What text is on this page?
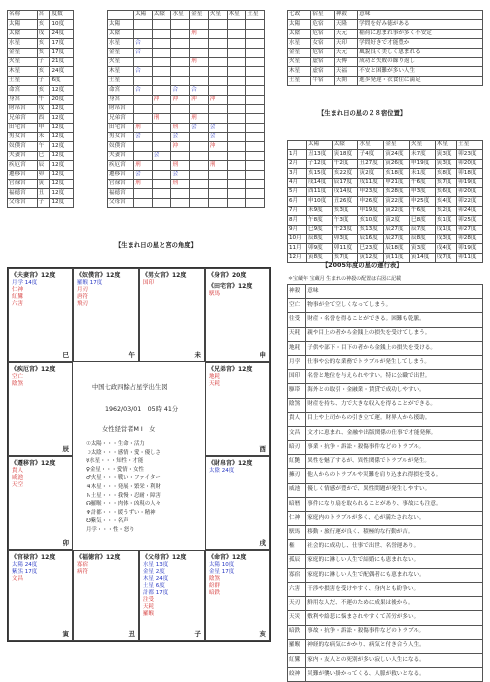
名称	宮	度数
太陽	亥	10度
太陰	戌	24度
水星	亥	17度
金星	亥	17度
火星	子	21度
木星	亥	24度
土星	子	6度
命宮	亥	12度
身宮	午	20度
財帛宮	戌	12度
兄弟宮	酉	12度
田宅宮	申	12度
男女宮	未	12度
奴僕宮	午	12度
夫妻宮	巳	12度
疾厄宮	辰	12度
遷移宮	卯	12度
官禄宮	寅	12度
福徳宮	丑	12度
父母宮	子	12度
	太陽	太陰	水星	金星	火星	木星	土星
太陽							
太陰				刑			
水星	合						
金星	合						
火星				刑			
木星	合						
土星							
命宮	合		合	合			
身宮		沖	沖	沖	沖		
財帛宮							
兄弟宮		刑		刑			
田宅宮	刑		刑	会	会		
男女宮	会		会		会		
奴僕宮			沖		沖		
夫妻宮		会					
疾厄宮	刑		刑		刑		
遷移宮	会		会				
官禄宮	刑		刑				
福徳宮							
父母宮							
【生まれ日の星と宮の角度】
七政	宿星	神殺	意味
太陽	危宿	天隆	学問を好み徳がある
太陰	危宿	天元	稲荷に恵まれ事が多く不安定
水星	女宿	天印	学問好きで才能豊か
金星	危宿	天元	風貌良く美しく恵まれる
火星	虚宿	天傳	成功と失敗の繰り返し
木星	虚宿	天福	不安と困難が多い人生
土星	牛宿	天開	進歩発達・衣食住に満足
【生まれ日の星の２８宿位置】
	太陽	太陰	水星	金星	火星	木星	土星
1月	丑13度	寅18度	子4度	寅24度	未7度	寅3度	卯23度
2月	子12度	午2度	丑27度	寅26度	申19度	寅3度	卯20度
3月	亥15度	亥22度	寅2度	亥18度	未1度	亥8度	卯18度
4月	戌14度	辰17度	戌11度	申21度	午6度	亥7度	卯19度
5月	酉11度	戌14度	申23度	亥28度	申3度	亥6度	卯20度
6月	申10度	丑26度	申26度	寅22度	申25度	亥4度	卯22度
7月	未9度	亥3度	申19度	寅22度	午6度	亥2度	卯24度
8月	午8度	午3度	亥10度	寅2度	巳8度	亥1度	卯25度
9月	巳9度	午23度	亥13度	辰27度	辰7度	戌1度	卯27度
10月	辰8度	卯3度	辰16度	辰27度	辰8度	戌3度	卯28度
11月	卯9度	卯11度	巳23度	辰18度	寅3度	戌4度	卯19度
12月	寅8度	亥7度	寅12度	寅11度	寅14度	戌7度	卯11度
【2005年度の星の運行表】
＊宝蔵年 宝蔵月 生まれの神殺の配置は右図に記載
神殺	意味
空亡	物事が全て空しくなってしまう。
往受	財産・名誉を得ることができる。困難も乾脈。
天耗	親や目上の者から金銭上の損失を受けてしまう。
地耗	子供や部下・目下の者から金銭上の損失を受ける。
月孛	仕事や公的な業務でトラブルが発生してしまう。
国印	名誉と地位を与えられやすい。特に公職で出世。
駆帯	海外との取引・金融業・賃貸で成功しやすい。
陰煞	財産を持ち、力で大きな収入を得ることができる。
貴人	目上や上司からの引き立て運。財界人から援助。
文昌	文才に恵まれ、金融や出版関係の仕事で才能発揮。
暗刃	事業・抗争・訴訟・殺傷事件などのトラブル。
紅艶	異性を魅了するが、異性関係でトラブルが発生。
擁刃	他人からのトラブルや災難を肩り込まれ得損を受る。
威池	優しく情感が豊かで、異性問題が発生しやすい。
暗暦	事件になり扇を取られることがあり、事故にも注意。
仁神	家庭内のトラブルが多く、心が満たされない。
駅馬	移動・旅行運が良く、積極的な行動が吉。
権	社会的に成功し、仕事で出世、名誉運あり。
孤辰	家庭的に淋しい人生で結婚にも恵まれない。
寡宿	家庭的に淋しい人生で配偶者にも恵まれない。
六害	干渉や損害を受けやすく、身内とも紛争い。
天刃	鮮用な人だ、不運のために成果は後から。
天災	敷利や絡悲に悩まされやすくて苦労が多い。
暗鉄	事故・抗争・訴訟・殺傷事件などのトラブル。
羅睺	神経的な病気にかかり、病気と付き合う人生。
紅鸞	家内・友人との死別が多い寂しい人生になる。
絞神	災難が襲い掛かってくる、人脈が救いとなる。
《夫妻宮》12度
月学 14度
仁神
紅鸞
六害
巳
《奴僕宮》12度
羅睺 17度
月刃
唐符
飛刃
午
《男女宮》12度
国印
未
《身宮》20度
《田宅宮》12度
駅馬
申
《疾厄宮》12度
空亡
陰煞
辰
《兄弟宮》12度
地耗
天耗
酉
《遷移宮》12度
貴人
咸池
天空
卯
《財帛宮》12度
太陰 24度
戌
《官禄宮》12度
太陽 24度
紫炁 17度
文昌
寅
《福徳宮》12度
寡宿
病符
丑
《父母宮》12度
水星 13度
金星 2度
木星 24度
土星 6度
計都 17度
注受
天耗
羅睺
子
《命宮》12度
太陽 10度
金星 17度
陰煞
紛群
暗鉄
亥
中国七政四餘占星学出生図
1962/03/01　05時 41分
女性経営者M I　女
☉太陽・・・生命・活力
☽太陰・・・感情・愛・優しさ
☿水星・・・知性・才能
♀金星・・・愛情・女性
♂火星・・・戦い・ファイター
♃木星・・・発展・繁栄・利財
♄土星・・・我慢・忍耐・障害
☊羅睺・・・肉体・凶現の人々
♆計都・・・緩うずい・精神
☋紫気・・・名声
月孛・・・性・怒り
